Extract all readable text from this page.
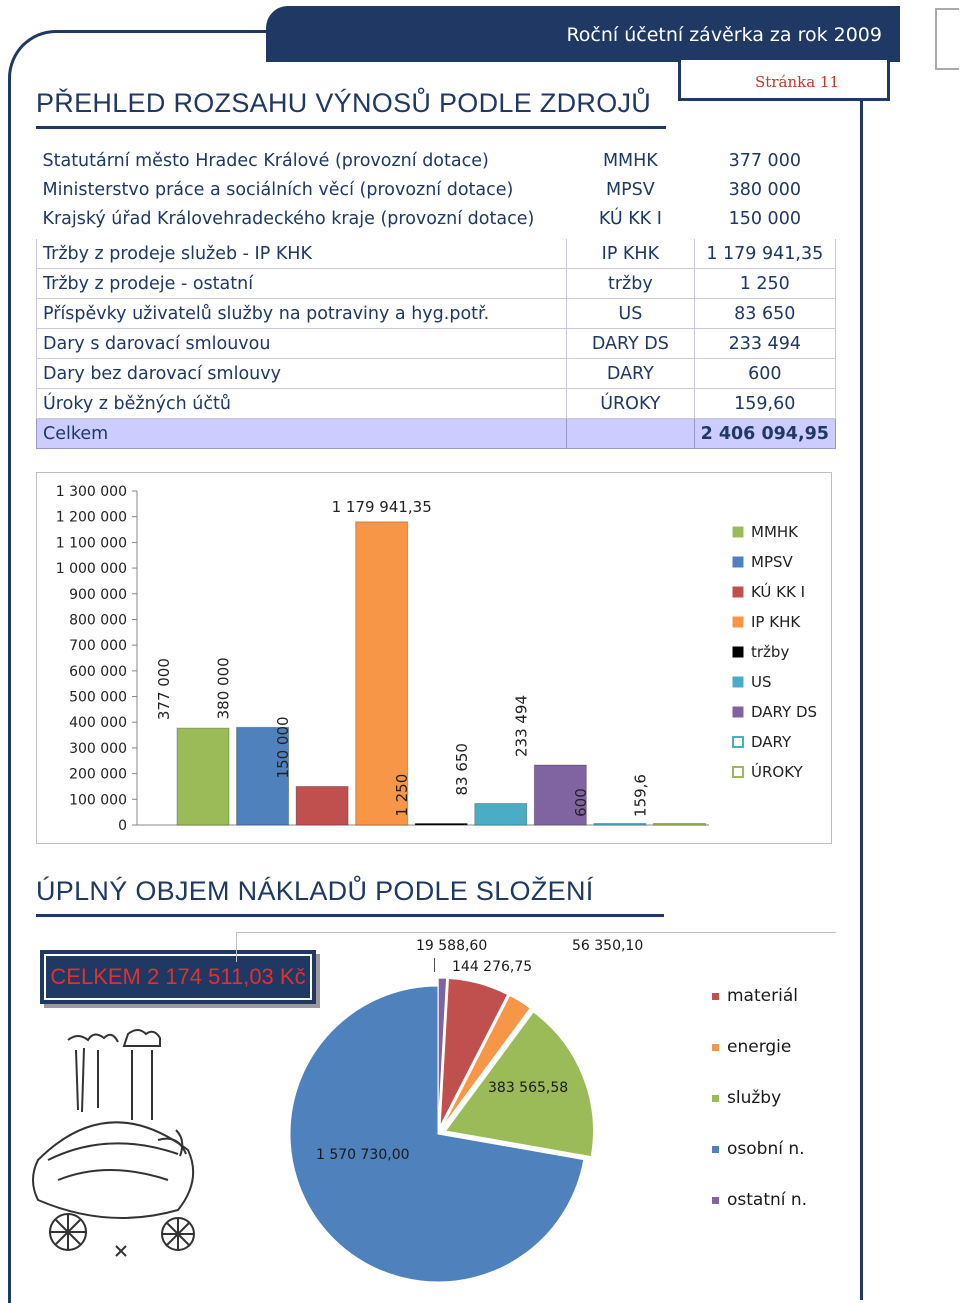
Roční účetní závěrka za rok 2009
Stránka 11
PŘEHLED ROZSAHU VÝNOSŮ PODLE ZDROJŮ
Statutární město Hradec Králové (provozní dotace)	MMHK	377 000
Ministerstvo práce a sociálních věcí (provozní dotace)	MPSV	380 000
Krajský úřad Královehradeckého kraje (provozní dotace)	KÚ KK I	150 000
Tržby z prodeje služeb - IP KHK	IP KHK	1 179 941,35
Tržby z prodeje - ostatní	tržby	1 250
Příspěvky uživatelů služby na potraviny a hyg.potř.	US	83 650
Dary s darovací smlouvou	DARY DS	233 494
Dary bez darovací smlouvy	DARY	600
Úroky z běžných účtů	ÚROKY	159,60
Celkem		2 406 094,95
1 300 000
1 200 000
1 100 000
1 000 000
900 000
800 000
700 000
600 000
500 000
400 000
300 000
200 000
100 000
0
377 000	380 000
150 000
1 179 941,35
1 250	83 650
233 494
600	159,6
MMHK
MPSV
KÚ KK I
IP KHK
tržby
US
DARY DS
DARY
ÚROKY
ÚPLNÝ OBJEM NÁKLADŮ PODLE SLOŽENÍ
CELKEM 2 174 511,03 Kč
19 588,60
144 276,75
56 350,10
383 565,58
1 570 730,00
materiál
energie
služby
osobní n.
ostatní n.
